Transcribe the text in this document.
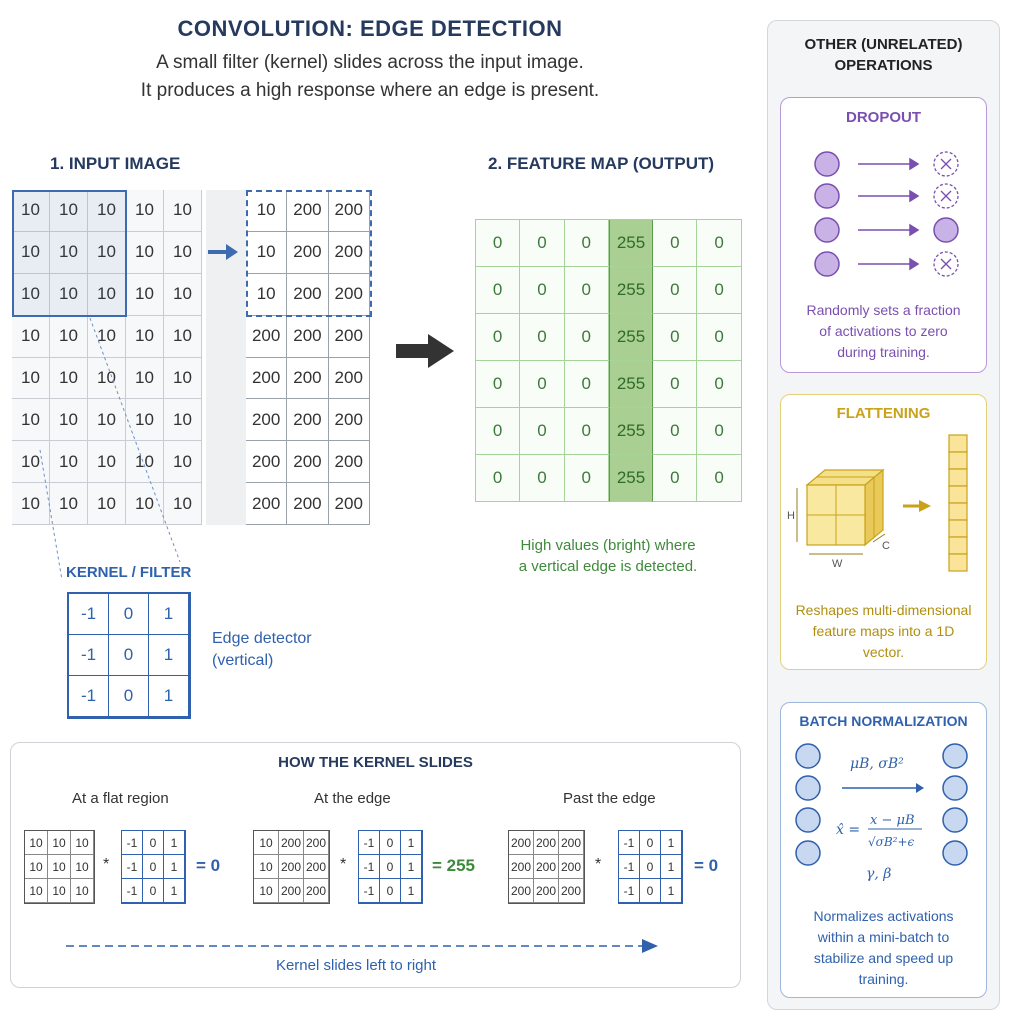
CONVOLUTION: EDGE DETECTION
A small filter (kernel) slides across the input image.
It produces a high response where an edge is present.
1. INPUT IMAGE
10	10	10	10	10
10	10	10	10	10
10	10	10	10	10
10	10	10	10	10
10	10	10	10	10
10	10	10	10	10
10	10	10	10	10
10	10	10	10	10
10	200 200
10	200 200
10	200 200
200 200 200
200 200 200
200 200 200
200 200 200
200 200 200
KERNEL / FILTER
-1	0	1
-1	0	1
-1	0	1
Edge detector
(vertical)
2. FEATURE MAP (OUTPUT)
0	0	0	255	0	0
0	0	0	255	0	0
0	0	0	255	0	0
0	0	0	255	0	0
0	0	0	255	0	0
0	0	0	255	0	0
High values (bright) where
a vertical edge is detected.
HOW THE KERNEL SLIDES
At a flat region
10 10 10
10 10 10
10 10 10
*
-1	0	1
-1	0	1
-1	0	1
= 0
At the edge
10 200 200
10 200 200
10 200 200
*
-1	0	1
-1	0	1
-1	0	1
= 255
Past the edge
200 200 200
200 200 200
200 200 200
*
-1	0	1
-1	0	1
-1	0	1
= 0
Kernel slides left to right
OTHER (UNRELATED)
OPERATIONS
DROPOUT
Randomly sets a fraction
of activations to zero
during training.
FLATTENING
H
W
C
Reshapes multi-dimensional
feature maps into a 1D
vector.
BATCH NORMALIZATION
x̂ =
x − μB
√σB²+ϵ
μB, σB²
γ, β
Normalizes activations
within a mini-batch to
stabilize and speed up
training.
